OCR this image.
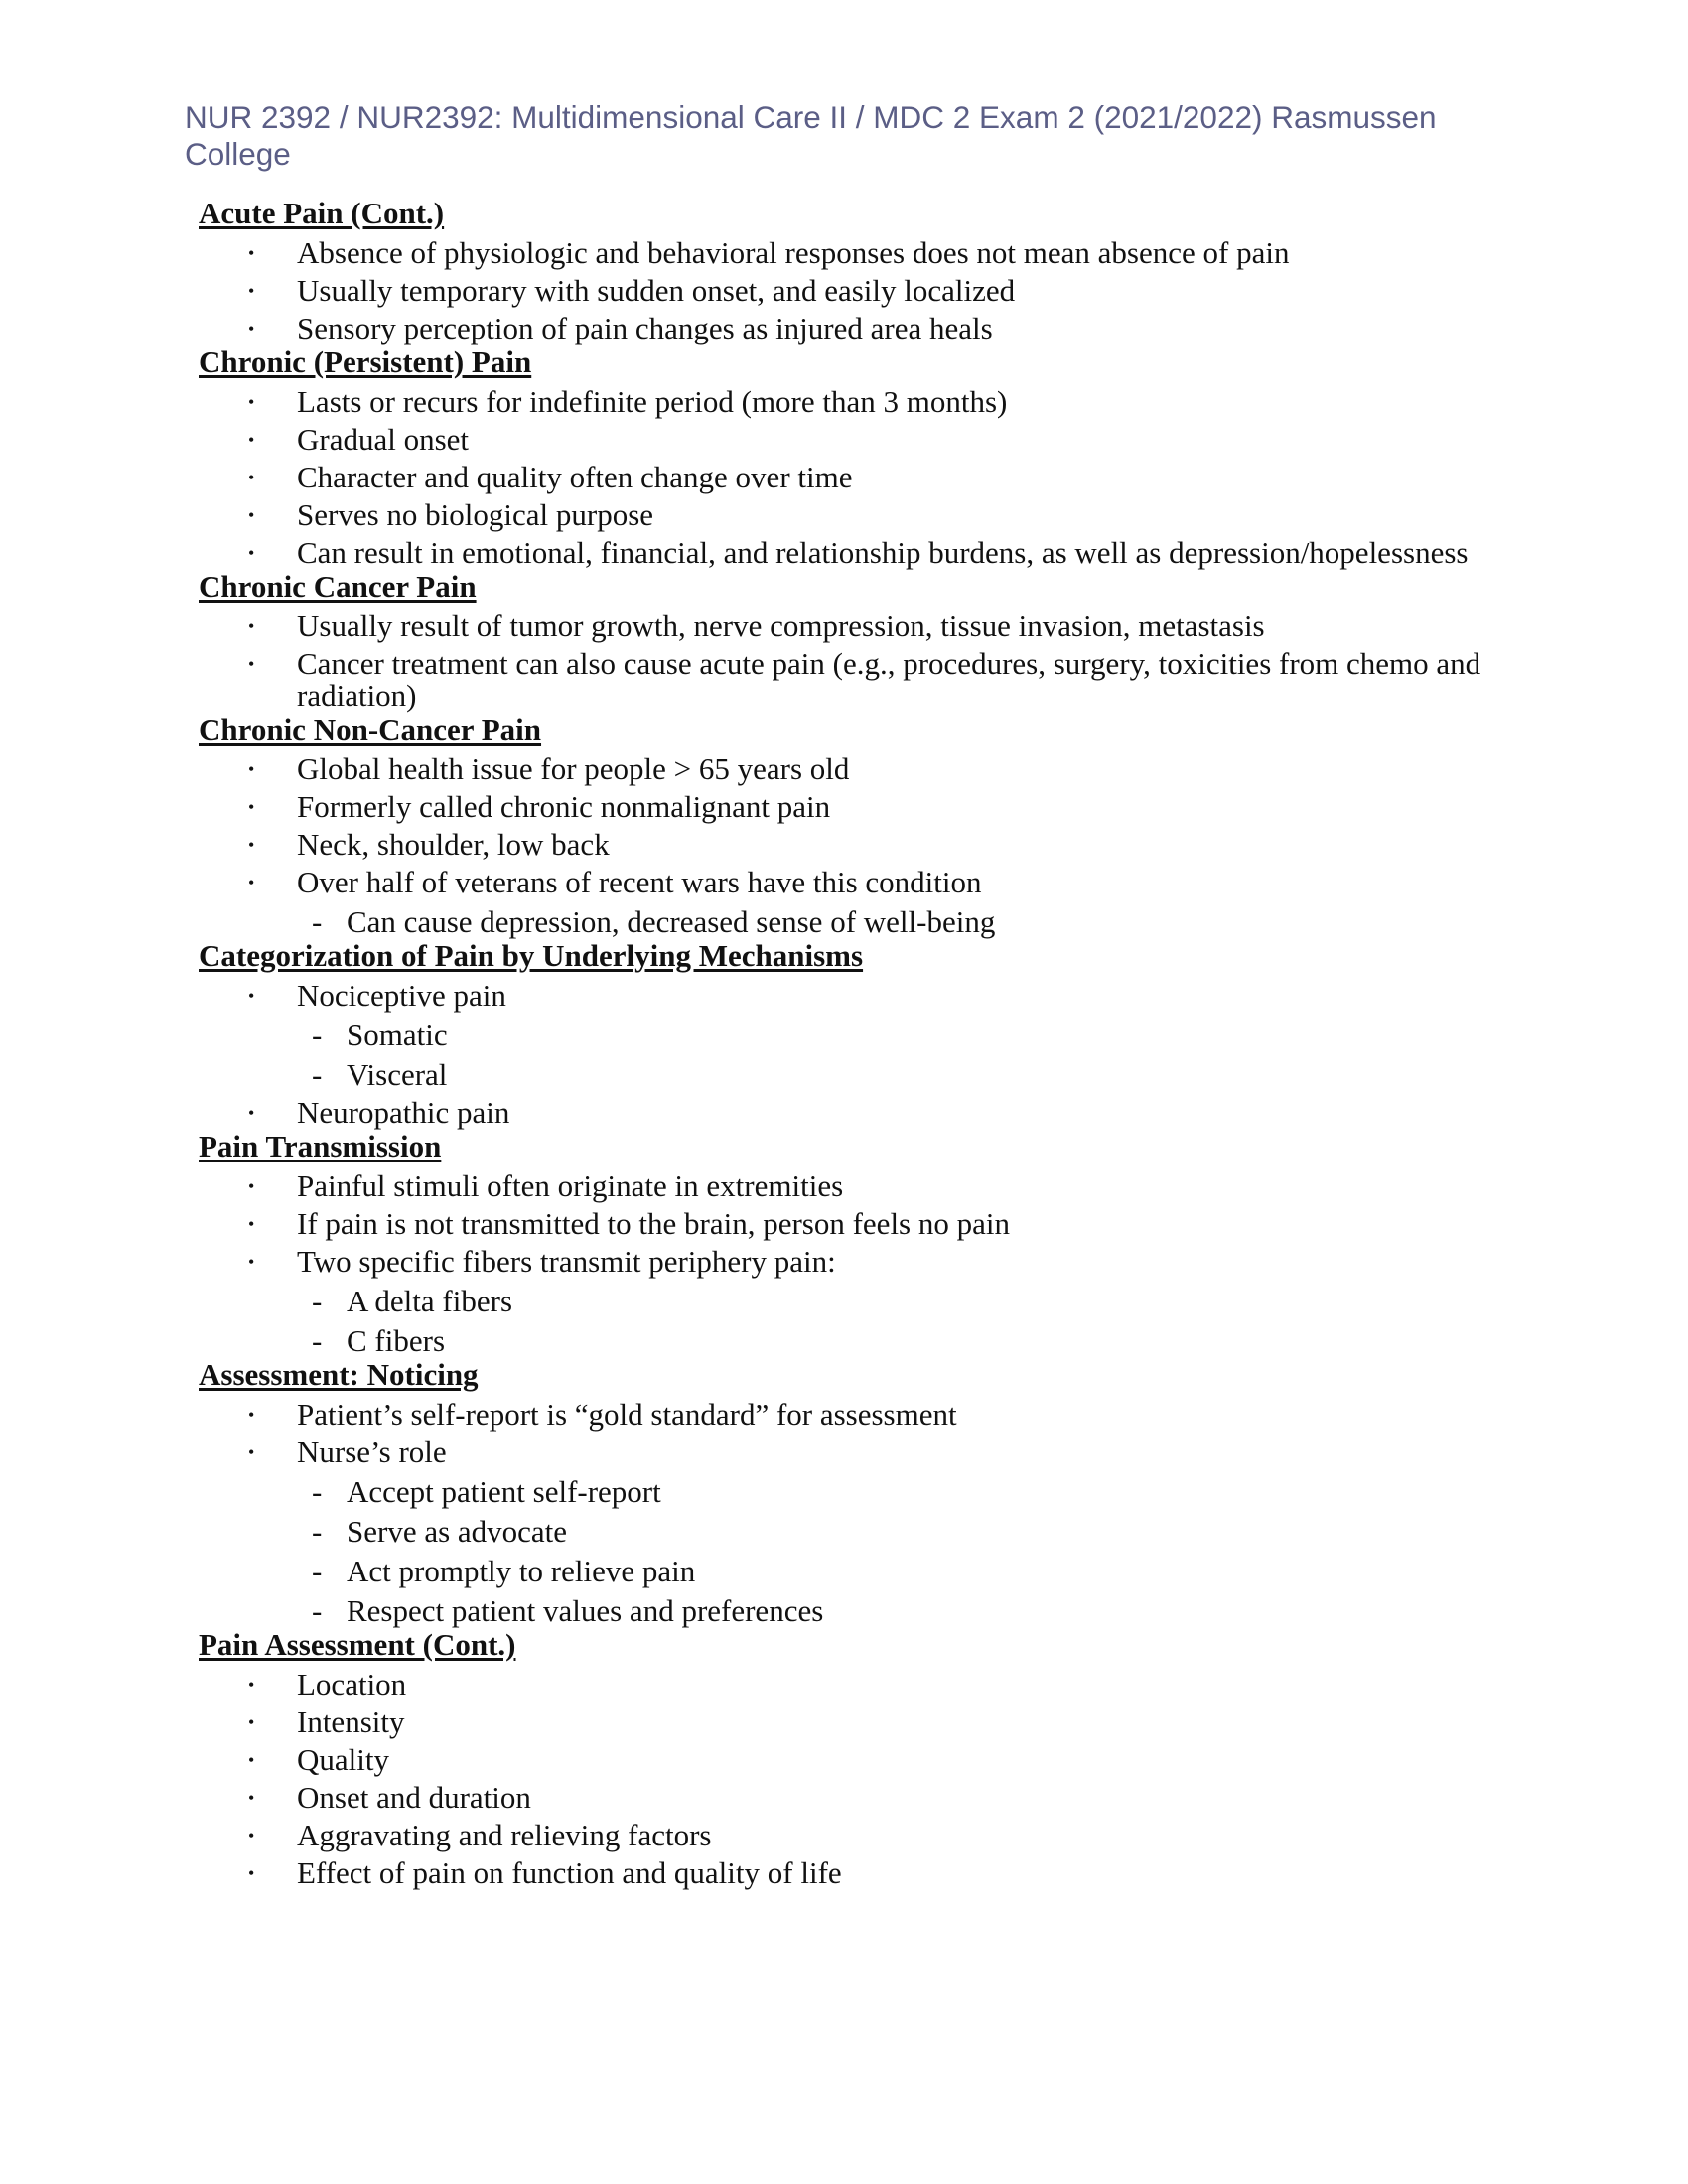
NUR 2392 / NUR2392: Multidimensional Care II / MDC 2 Exam 2 (2021/2022) Rasmussen College
Acute Pain (Cont.)
• Absence of physiologic and behavioral responses does not mean absence of pain
• Usually temporary with sudden onset, and easily localized
• Sensory perception of pain changes as injured area heals
Chronic (Persistent) Pain
• Lasts or recurs for indefinite period (more than 3 months)
• Gradual onset
• Character and quality often change over time
• Serves no biological purpose
• Can result in emotional, financial, and relationship burdens, as well as depression/hopelessness
Chronic Cancer Pain
• Usually result of tumor growth, nerve compression, tissue invasion, metastasis
• Cancer treatment can also cause acute pain (e.g., procedures, surgery, toxicities from chemo and radiation)
Chronic Non-Cancer Pain
• Global health issue for people > 65 years old
• Formerly called chronic nonmalignant pain
• Neck, shoulder, low back
• Over half of veterans of recent wars have this condition
- Can cause depression, decreased sense of well-being
Categorization of Pain by Underlying Mechanisms
• Nociceptive pain
- Somatic
- Visceral
• Neuropathic pain
Pain Transmission
• Painful stimuli often originate in extremities
• If pain is not transmitted to the brain, person feels no pain
• Two specific fibers transmit periphery pain:
- A delta fibers
- C fibers
Assessment: Noticing
• Patient’s self-report is “gold standard” for assessment
• Nurse’s role
- Accept patient self-report
- Serve as advocate
- Act promptly to relieve pain
- Respect patient values and preferences
Pain Assessment (Cont.)
• Location
• Intensity
• Quality
• Onset and duration
• Aggravating and relieving factors
• Effect of pain on function and quality of life
